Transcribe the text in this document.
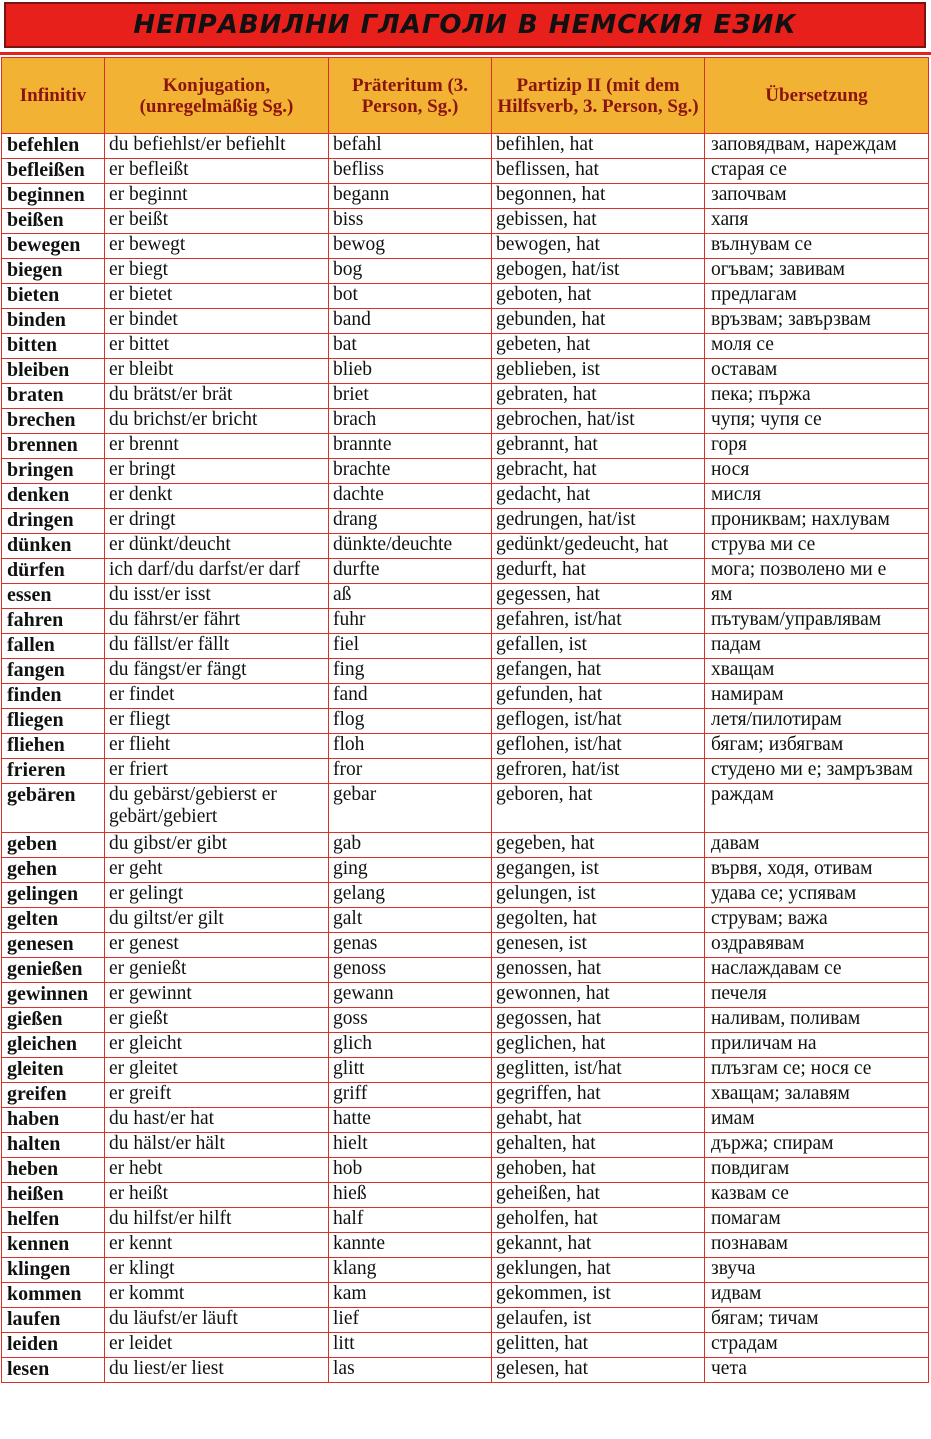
НЕПРАВИЛНИ ГЛАГОЛИ В НЕМСКИЯ ЕЗИК
Infinitiv	Konjugation, (unregelmäßig Sg.)	Präteritum (3. Person, Sg.)	Partizip II (mit dem Hilfsverb, 3. Person, Sg.)	Übersetzung
befehlen	du befiehlst/er befiehlt	befahl	befihlen, hat	заповядвам, нареждам
befleißen	er befleißt	befliss	beflissen, hat	старая се
beginnen	er beginnt	begann	begonnen, hat	започвам
beißen	er beißt	biss	gebissen, hat	хапя
bewegen	er bewegt	bewog	bewogen, hat	вълнувам се
biegen	er biegt	bog	gebogen, hat/ist	огъвам; завивам
bieten	er bietet	bot	geboten, hat	предлагам
binden	er bindet	band	gebunden, hat	връзвам; завързвам
bitten	er bittet	bat	gebeten, hat	моля се
bleiben	er bleibt	blieb	geblieben, ist	оставам
braten	du brätst/er brät	briet	gebraten, hat	пека; пържа
brechen	du brichst/er bricht	brach	gebrochen, hat/ist	чупя; чупя се
brennen	er brennt	brannte	gebrannt, hat	горя
bringen	er bringt	brachte	gebracht, hat	нося
denken	er denkt	dachte	gedacht, hat	мисля
dringen	er dringt	drang	gedrungen, hat/ist	прониквам; нахлувам
dünken	er dünkt/deucht	dünkte/deuchte	gedünkt/gedeucht, hat	струва ми се
dürfen	ich darf/du darfst/er darf	durfte	gedurft, hat	мога; позволено ми е
essen	du isst/er isst	aß	gegessen, hat	ям
fahren	du fährst/er fährt	fuhr	gefahren, ist/hat	пътувам/управлявам
fallen	du fällst/er fällt	fiel	gefallen, ist	падам
fangen	du fängst/er fängt	fing	gefangen, hat	хващам
finden	er findet	fand	gefunden, hat	намирам
fliegen	er fliegt	flog	geflogen, ist/hat	летя/пилотирам
fliehen	er flieht	floh	geflohen, ist/hat	бягам; избягвам
frieren	er friert	fror	gefroren, hat/ist	студено ми е; замръзвам
gebären	du gebärst/gebierst er gebärt/gebiert	gebar	geboren, hat	раждам
geben	du gibst/er gibt	gab	gegeben, hat	давам
gehen	er geht	ging	gegangen, ist	вървя, ходя, отивам
gelingen	er gelingt	gelang	gelungen, ist	удава се; успявам
gelten	du giltst/er gilt	galt	gegolten, hat	струвам; важа
genesen	er genest	genas	genesen, ist	оздравявам
genießen	er genießt	genoss	genossen, hat	наслаждавам се
gewinnen	er gewinnt	gewann	gewonnen, hat	печеля
gießen	er gießt	goss	gegossen, hat	наливам, поливам
gleichen	er gleicht	glich	geglichen, hat	приличам на
gleiten	er gleitet	glitt	geglitten, ist/hat	плъзгам се; нося се
greifen	er greift	griff	gegriffen, hat	хващам; залавям
haben	du hast/er hat	hatte	gehabt, hat	имам
halten	du hälst/er hält	hielt	gehalten, hat	държа; спирам
heben	er hebt	hob	gehoben, hat	повдигам
heißen	er heißt	hieß	geheißen, hat	казвам се
helfen	du hilfst/er hilft	half	geholfen, hat	помагам
kennen	er kennt	kannte	gekannt, hat	познавам
klingen	er klingt	klang	geklungen, hat	звуча
kommen	er kommt	kam	gekommen, ist	идвам
laufen	du läufst/er läuft	lief	gelaufen, ist	бягам; тичам
leiden	er leidet	litt	gelitten, hat	страдам
lesen	du liest/er liest	las	gelesen, hat	чета
